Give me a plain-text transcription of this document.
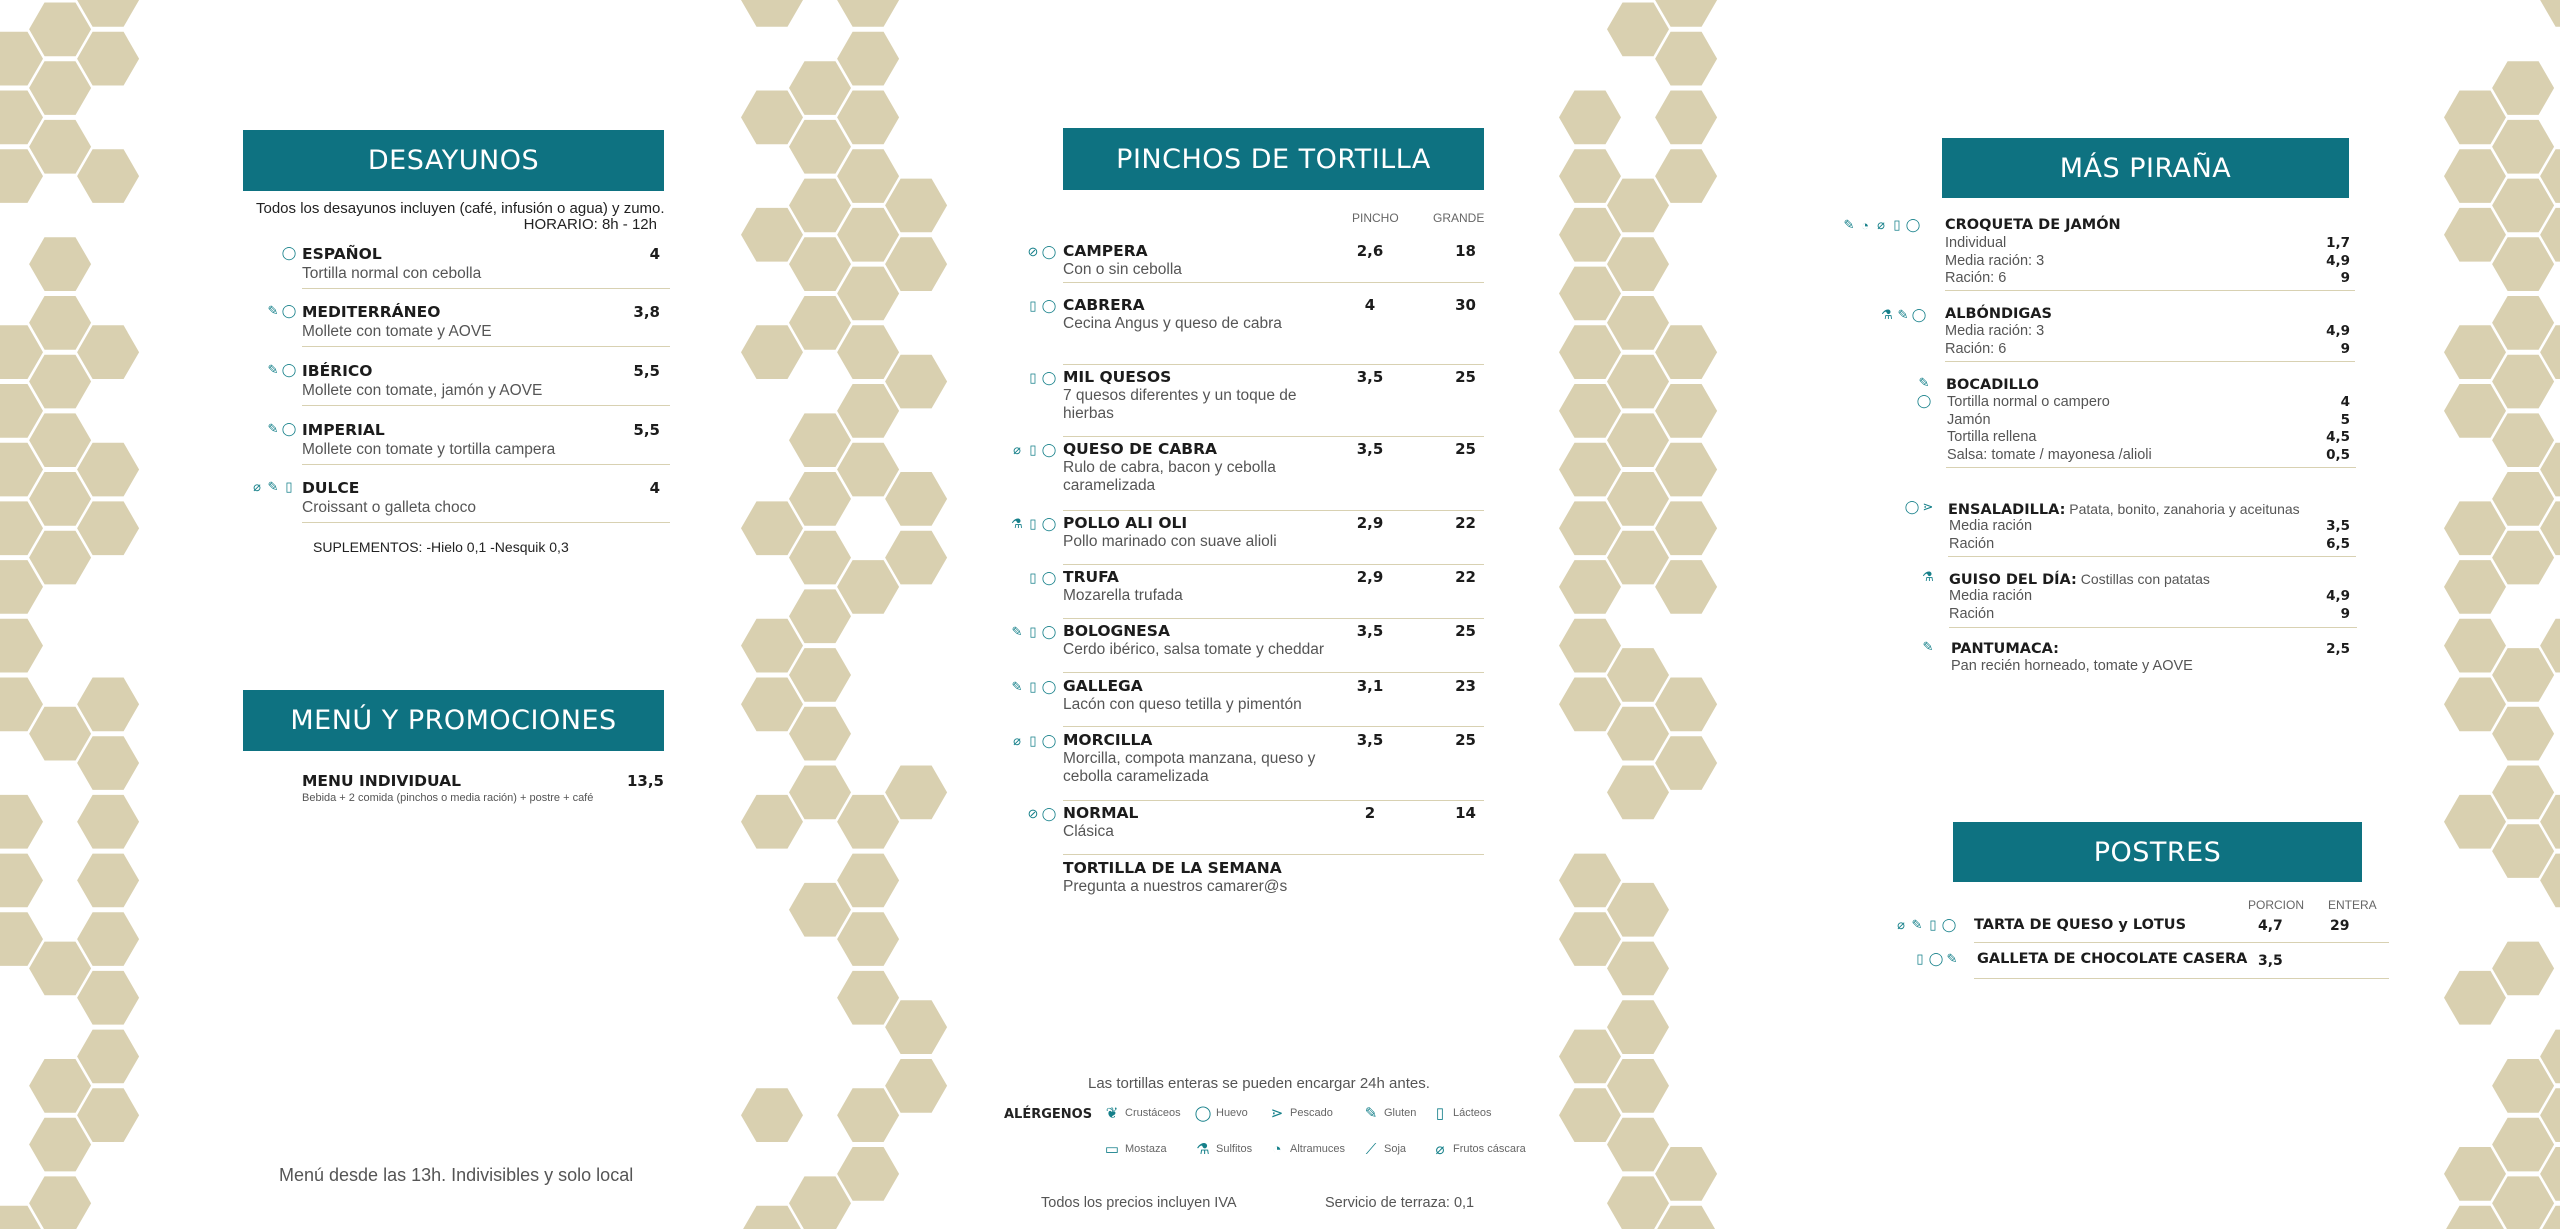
DESAYUNOS
Todos los desayunos incluyen (café, infusión o agua) y zumo.
HORARIO: 8h - 12h
◯ ESPAÑOL
Tortilla normal con cebolla
4
✎ ◯ MEDITERRÁNEO
Mollete con tomate y AOVE
3,8
✎ ◯ IBÉRICO
Mollete con tomate, jamón y AOVE
5,5
✎ ◯ IMPERIAL
Mollete con tomate y tortilla campera
5,5
⌀ ✎ ▯ DULCE
Croissant o galleta choco
4
SUPLEMENTOS: -Hielo 0,1 -Nesquik 0,3
MENÚ Y PROMOCIONES
MENU INDIVIDUAL
Bebida + 2 comida (pinchos o media ración) + postre + café
13,5
Menú desde las 13h. Indivisibles y solo local
PINCHOS DE TORTILLA
PINCHO	GRANDE
⊘ ◯ CAMPERA
Con o sin cebolla
2,6	18
▯ ◯ CABRERA
Cecina Angus y queso de cabra
4	30
▯ ◯ MIL QUESOS
7 quesos diferentes y un toque de hierbas
3,5	25
⌀ ▯ ◯ QUESO DE CABRA
Rulo de cabra, bacon y cebolla caramelizada
3,5	25
⚗ ▯ ◯ POLLO ALI OLI
Pollo marinado con suave alioli
2,9	22
▯ ◯ TRUFA
Mozarella trufada
2,9	22
✎ ▯ ◯ BOLOGNESA
Cerdo ibérico, salsa tomate y cheddar
3,5	25
✎ ▯ ◯ GALLEGA
Lacón con queso tetilla y pimentón
3,1	23
⌀ ▯ ◯ MORCILLA
Morcilla, compota manzana, queso y cebolla caramelizada
3,5	25
⊘ ◯ NORMAL
Clásica
2	14
TORTILLA DE LA SEMANA
Pregunta a nuestros camarer@s
Las tortillas enteras se pueden encargar 24h antes.
ALÉRGENOS ❦ Crustáceos ◯ Huevo ⋗ Pescado ✎ Gluten ▯ Lácteos
▭ Mostaza ⚗ Sulfitos ◔ Altramuces ⟋ Soja ⌀ Frutos cáscara
Todos los precios incluyen IVA	Servicio de terraza: 0,1
MÁS PIRAÑA
✎ ◔ ⌀ ▯ ◯ CROQUETA DE JAMÓN
Individual	1,7
Media ración: 3	4,9
Ración: 6	9
⚗ ✎ ◯ ALBÓNDIGAS
Media ración: 3	4,9
Ración: 6	9
✎
◯
BOCADILLO
Tortilla normal o campero	4
Jamón	5
Tortilla rellena	4,5
Salsa: tomate / mayonesa /alioli	0,5
◯ ⋗ ENSALADILLA: Patata, bonito, zanahoria y aceitunas
Media ración	3,5
Ración	6,5
⚗ GUISO DEL DÍA: Costillas con patatas
Media ración	4,9
Ración	9
✎ PANTUMACA:
Pan recién horneado, tomate y AOVE
2,5
POSTRES
PORCION ENTERA
⌀ ✎ ▯ ◯ TARTA DE QUESO y LOTUS	4,7	29
▯ ◯ ✎ GALLETA DE CHOCOLATE CASERA 3,5
